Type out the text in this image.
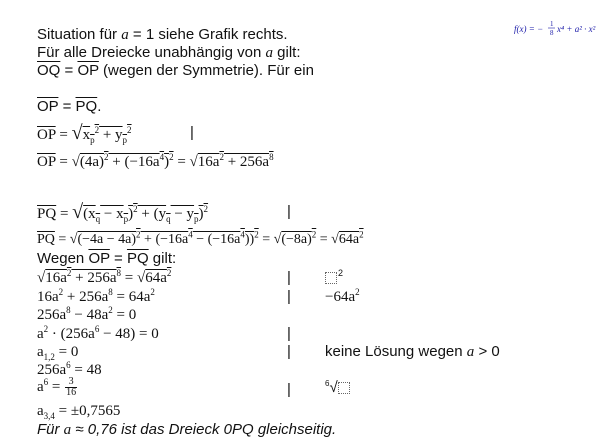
Situation für a = 1 siehe Grafik rechts.
Für alle Dreiecke unabhängig von a gilt:
$\overline{OQ} = \overline{OP}$ (wegen der Symmetrie). Für ein
$\overline{OP} = \overline{PQ}$.
$\overline{OP} = √x_p^2 + y_p^2$	|
$\overline{OP} = √(4a)^2 + (-16a^4)^2 = √16a^2 + 256a^8$
$\overline{PQ} = √(x_q - x_p)^2 + (y_q - y_p)^2$	|
$\overline{PQ} = √(-4a - 4a)^2 + (-16a^4 - (-16a^4))^2 = √(-8a)^2 = √64a^2$
Wegen $\overline{OP} = \overline{PQ}$ gilt:
$√16a^2 + 256a^8 = √64a^2$	|	$^2$
$16a^2 + 256a^8 = 64a^2$	| $-64a^2$
$256a^8 - 48a^2 = 0$
$a^2 \cdot (256a^6 - 48) = 0$	|
$a_{1,2} = 0$	| keine Lösung wegen a > 0
$256a^6 = 48$
$a^6 = \frac{3}{16}$	|	$^6$√
$a_{3,4} = \pm 0,7565$
Für a ≈ 0,76 ist das Dreieck 0PQ gleichseitig.
f(x) = − 1
8 x⁴ + a² · x²
